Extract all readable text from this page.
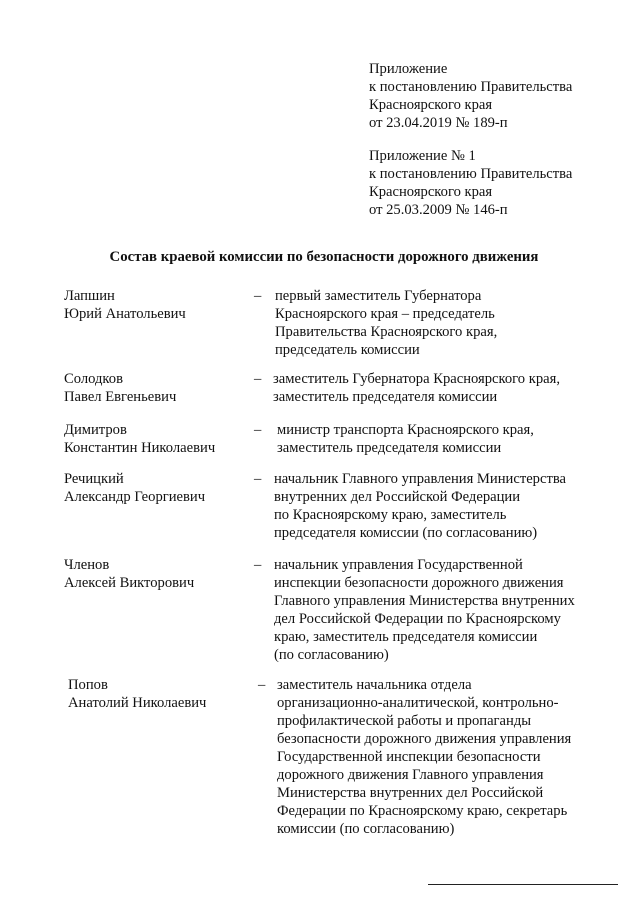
Приложение
к постановлению Правительства
Красноярского края
от 23.04.2019 № 189-п
Приложение № 1
к постановлению Правительства
Красноярского края
от 25.03.2009 № 146-п
Состав краевой комиссии по безопасности дорожного движения
Лапшин
Юрий Анатольевич
– первый заместитель Губернатора
Красноярского края – председатель
Правительства Красноярского края,
председатель комиссии
Солодков
Павел Евгеньевич
– заместитель Губернатора Красноярского края,
заместитель председателя комиссии
Димитров
Константин Николаевич
– министр транспорта Красноярского края,
заместитель председателя комиссии
Речицкий
Александр Георгиевич
– начальник Главного управления Министерства
внутренних дел Российской Федерации
по Красноярскому краю, заместитель
председателя комиссии (по согласованию)
Членов
Алексей Викторович
– начальник управления Государственной
инспекции безопасности дорожного движения
Главного управления Министерства внутренних
дел Российской Федерации по Красноярскому
краю, заместитель председателя комиссии
(по согласованию)
Попов
Анатолий Николаевич
– заместитель начальника отдела
организационно-аналитической, контрольно-
профилактической работы и пропаганды
безопасности дорожного движения управления
Государственной инспекции безопасности
дорожного движения Главного управления
Министерства внутренних дел Российской
Федерации по Красноярскому краю, секретарь
комиссии (по согласованию)
